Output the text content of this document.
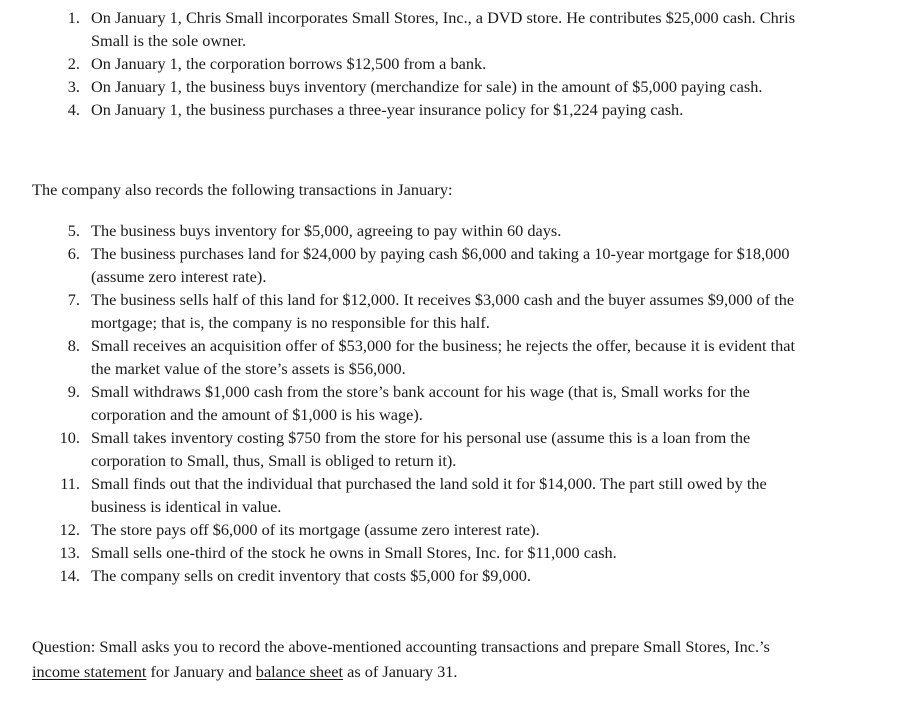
1. On January 1, Chris Small incorporates Small Stores, Inc., a DVD store. He contributes $25,000 cash. Chris Small is the sole owner.
2. On January 1, the corporation borrows $12,500 from a bank.
3. On January 1, the business buys inventory (merchandize for sale) in the amount of $5,000 paying cash.
4. On January 1, the business purchases a three-year insurance policy for $1,224 paying cash.

The company also records the following transactions in January:

5. The business buys inventory for $5,000, agreeing to pay within 60 days.
6. The business purchases land for $24,000 by paying cash $6,000 and taking a 10-year mortgage for $18,000 (assume zero interest rate).
7. The business sells half of this land for $12,000. It receives $3,000 cash and the buyer assumes $9,000 of the mortgage; that is, the company is no responsible for this half.
8. Small receives an acquisition offer of $53,000 for the business; he rejects the offer, because it is evident that the market value of the store’s assets is $56,000.
9. Small withdraws $1,000 cash from the store’s bank account for his wage (that is, Small works for the corporation and the amount of $1,000 is his wage).
10. Small takes inventory costing $750 from the store for his personal use (assume this is a loan from the corporation to Small, thus, Small is obliged to return it).
11. Small finds out that the individual that purchased the land sold it for $14,000. The part still owed by the business is identical in value.
12. The store pays off $6,000 of its mortgage (assume zero interest rate).
13. Small sells one-third of the stock he owns in Small Stores, Inc. for $11,000 cash.
14. The company sells on credit inventory that costs $5,000 for $9,000.

Question: Small asks you to record the above-mentioned accounting transactions and prepare Small Stores, Inc.’s income statement for January and balance sheet as of January 31.
